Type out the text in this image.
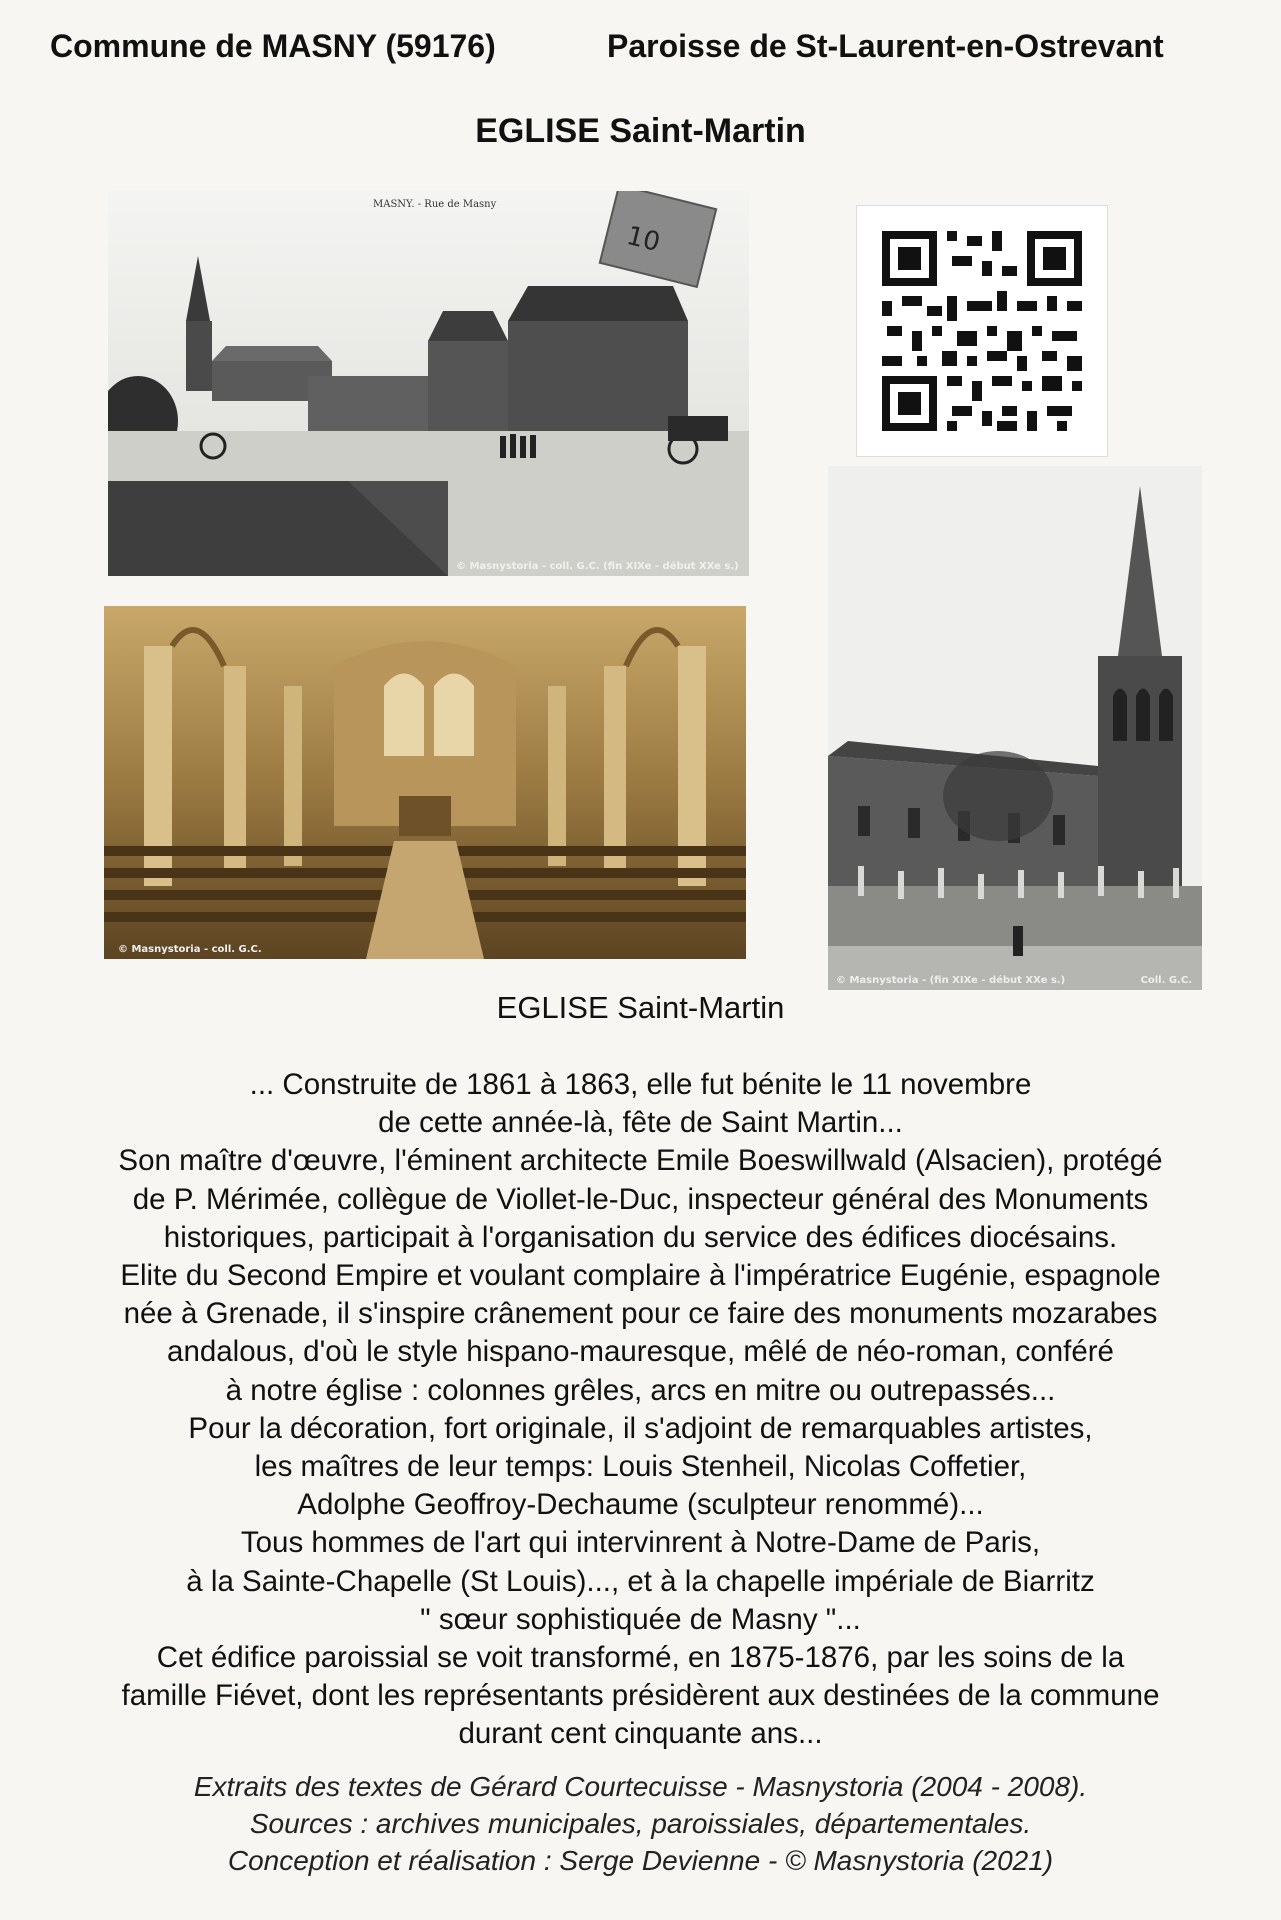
Commune de MASNY (59176)	Paroisse de St-Laurent-en-Ostrevant
EGLISE Saint-Martin
10
MASNY. - Rue de Masny
© Masnystoria - coll. G.C. (fin XIXe - début XXe s.)
© Masnystoria - coll. G.C.
© Masnystoria - (fin XIXe - début XXe s.)	Coll. G.C.
EGLISE Saint-Martin
... Construite de 1861 à 1863, elle fut bénite le 11 novembre
de cette année-là, fête de Saint Martin...
Son maître d'œuvre, l'éminent architecte Emile Boeswillwald (Alsacien), protégé
de P. Mérimée, collègue de Viollet-le-Duc, inspecteur général des Monuments
historiques, participait à l'organisation du service des édifices diocésains.
Elite du Second Empire et voulant complaire à l'impératrice Eugénie, espagnole
née à Grenade, il s'inspire crânement pour ce faire des monuments mozarabes
andalous, d'où le style hispano-mauresque, mêlé de néo-roman, conféré
à notre église : colonnes grêles, arcs en mitre ou outrepassés...
Pour la décoration, fort originale, il s'adjoint de remarquables artistes,
les maîtres de leur temps: Louis Stenheil, Nicolas Coffetier,
Adolphe Geoffroy-Dechaume (sculpteur renommé)...
Tous hommes de l'art qui intervinrent à Notre-Dame de Paris,
à la Sainte-Chapelle (St Louis)..., et à la chapelle impériale de Biarritz
" sœur sophistiquée de Masny "...
Cet édifice paroissial se voit transformé, en 1875-1876, par les soins de la
famille Fiévet, dont les représentants présidèrent aux destinées de la commune
durant cent cinquante ans...
Extraits des textes de Gérard Courtecuisse - Masnystoria (2004 - 2008).
Sources : archives municipales, paroissiales, départementales.
Conception et réalisation : Serge Devienne - © Masnystoria (2021)
